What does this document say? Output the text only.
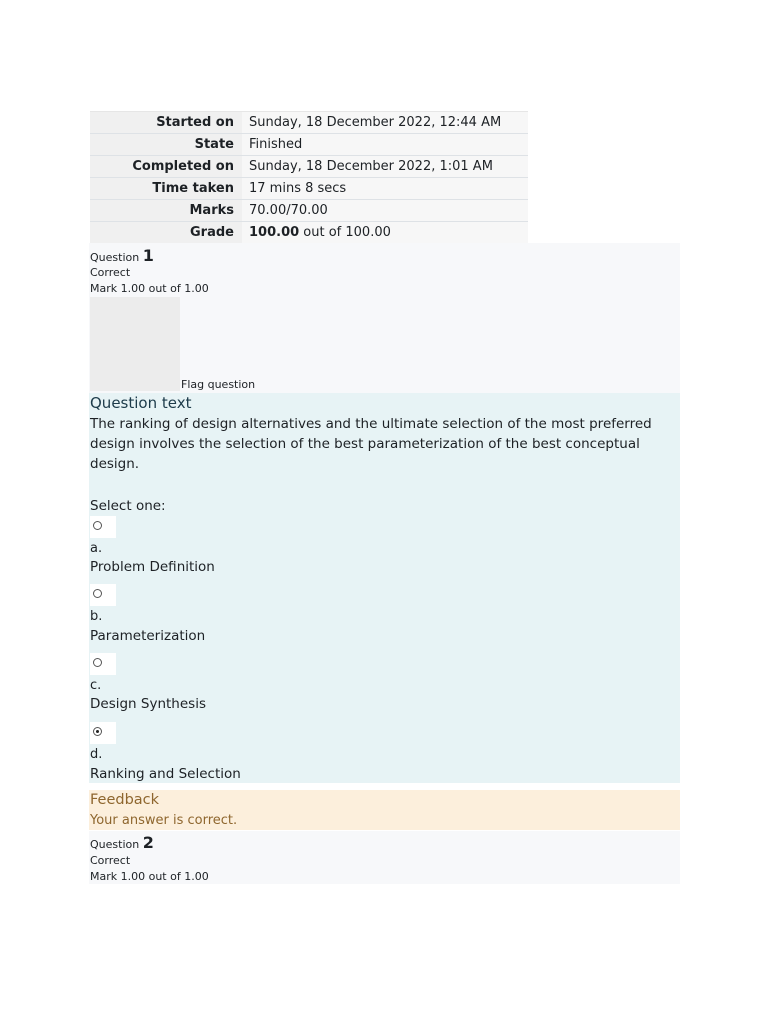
Started on	Sunday, 18 December 2022, 12:44 AM
State	Finished
Completed on	Sunday, 18 December 2022, 1:01 AM
Time taken	17 mins 8 secs
Marks	70.00/70.00
Grade	100.00 out of 100.00
Question 1
Correct
Mark 1.00 out of 1.00
Flag question
Question text
The ranking of design alternatives and the ultimate selection of the most preferred design involves the selection of the best parameterization of the best conceptual design.
Select one:
a.
Problem Definition
b.
Parameterization
c.
Design Synthesis
d.
Ranking and Selection
Feedback
Your answer is correct.
Question 2
Correct
Mark 1.00 out of 1.00
